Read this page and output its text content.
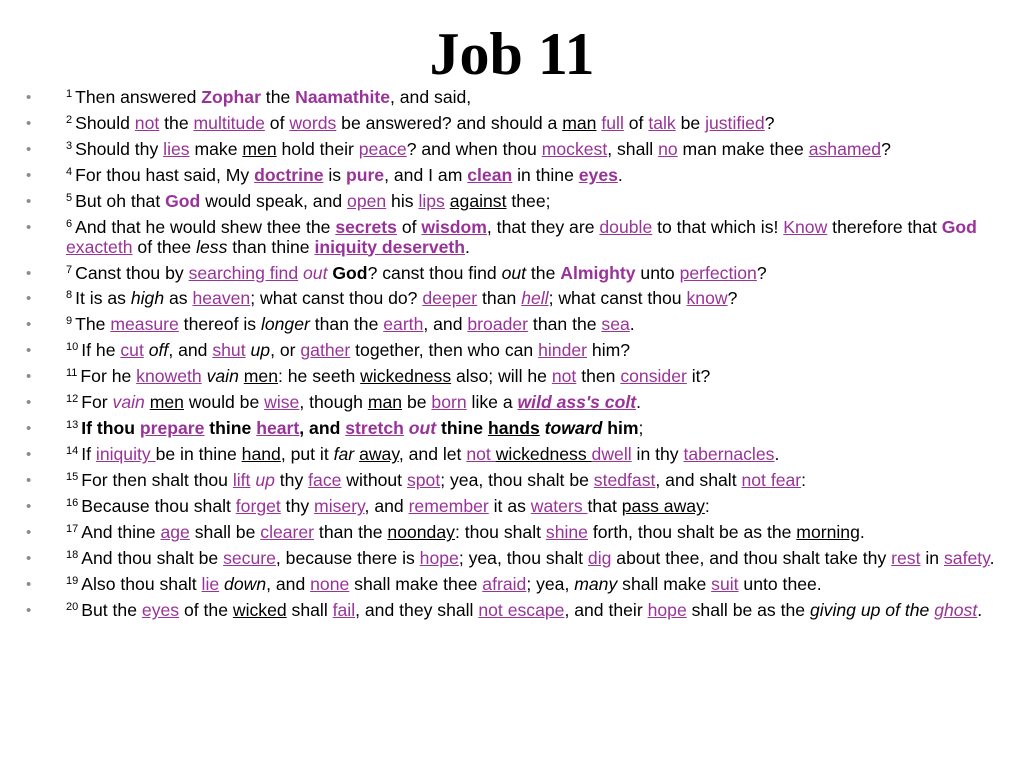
Job 11
•	$^1$ Then answered Zophar the Naamathite, and said,
•	$^2$ Should not the multitude of words be answered? and should a man full of talk be justified?
•	$^3$ Should thy lies make men hold their peace? and when thou mockest, shall no man make thee ashamed?
•	$^4$ For thou hast said, My doctrine is pure, and I am clean in thine eyes.
•	$^5$ But oh that God would speak, and open his lips against thee;
•	$^6$ And that he would shew thee the secrets of wisdom, that they are double to that which is! Know therefore that God exacteth of thee less than thine iniquity deserveth.
•	$^7$ Canst thou by searching find out God? canst thou find out the Almighty unto perfection?
•	$^8$ It is as high as heaven; what canst thou do? deeper than hell; what canst thou know?
•	$^9$ The measure thereof is longer than the earth, and broader than the sea.
•	$^{10}$ If he cut off, and shut up, or gather together, then who can hinder him?
•	$^{11}$ For he knoweth vain men: he seeth wickedness also; will he not then consider it?
•	$^{12}$ For vain men would be wise, though man be born like a wild ass's colt.
•	$^{13}$ If thou prepare thine heart, and stretch out thine hands toward him;
•	$^{14}$ If iniquity be in thine hand, put it far away, and let not wickedness dwell in thy tabernacles.
•	$^{15}$ For then shalt thou lift up thy face without spot; yea, thou shalt be stedfast, and shalt not fear:
•	$^{16}$ Because thou shalt forget thy misery, and remember it as waters that pass away:
•	$^{17}$ And thine age shall be clearer than the noonday: thou shalt shine forth, thou shalt be as the morning.
•	$^{18}$ And thou shalt be secure, because there is hope; yea, thou shalt dig about thee, and thou shalt take thy rest in safety.
•	$^{19}$ Also thou shalt lie down, and none shall make thee afraid; yea, many shall make suit unto thee.
•	$^{20}$ But the eyes of the wicked shall fail, and they shall not escape, and their hope shall be as the giving up of the ghost.
